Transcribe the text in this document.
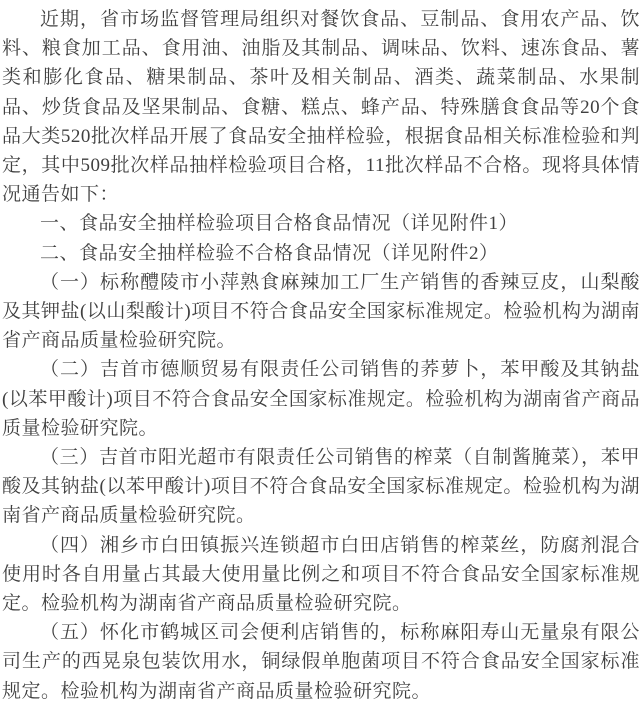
近期，省市场监督管理局组织对餐饮食品、豆制品、食用农产品、饮料、粮食加工品、食用油、油脂及其制品、调味品、饮料、速冻食品、薯类和膨化食品、糖果制品、茶叶及相关制品、酒类、蔬菜制品、水果制品、炒货食品及坚果制品、食糖、糕点、蜂产品、特殊膳食食品等20个食品大类520批次样品开展了食品安全抽样检验，根据食品相关标准检验和判定，其中509批次样品抽样检验项目合格，11批次样品不合格。现将具体情况通告如下：

一、食品安全抽样检验项目合格食品情况（详见附件1）

二、食品安全抽样检验不合格食品情况（详见附件2）

（一）标称醴陵市小萍熟食麻辣加工厂生产销售的香辣豆皮，山梨酸及其钾盐(以山梨酸计)项目不符合食品安全国家标准规定。检验机构为湖南省产商品质量检验研究院。

（二）吉首市德顺贸易有限责任公司销售的荞萝卜，苯甲酸及其钠盐(以苯甲酸计)项目不符合食品安全国家标准规定。检验机构为湖南省产商品质量检验研究院。

（三）吉首市阳光超市有限责任公司销售的榨菜（自制酱腌菜），苯甲酸及其钠盐(以苯甲酸计)项目不符合食品安全国家标准规定。检验机构为湖南省产商品质量检验研究院。

（四）湘乡市白田镇振兴连锁超市白田店销售的榨菜丝，防腐剂混合使用时各自用量占其最大使用量比例之和项目不符合食品安全国家标准规定。检验机构为湖南省产商品质量检验研究院。

（五）怀化市鹤城区司会便利店销售的，标称麻阳寿山无量泉有限公司生产的西晃泉包装饮用水，铜绿假单胞菌项目不符合食品安全国家标准规定。检验机构为湖南省产商品质量检验研究院。
